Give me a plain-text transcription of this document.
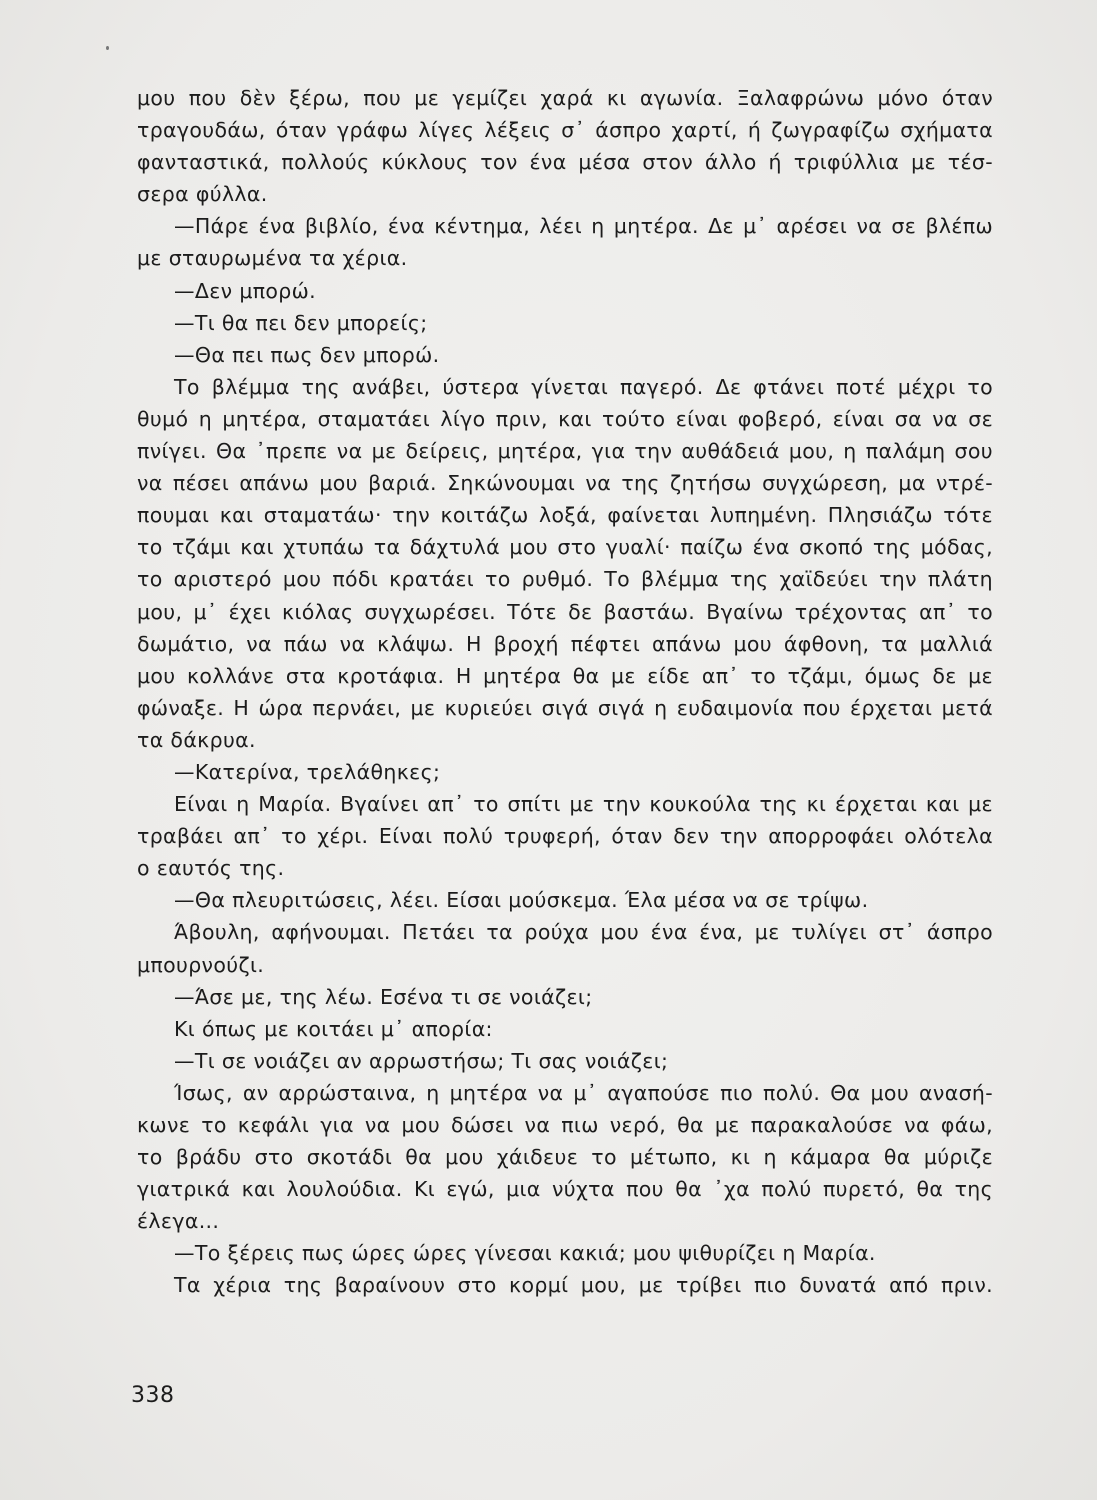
μου που δὲν ξέρω, που με γεμίζει χαρά κι αγωνία. Ξαλαφρώνω μόνο όταν
τραγουδάω, όταν γράφω λίγες λέξεις σ᾽ άσπρο χαρτί, ή ζωγραφίζω σχήματα
φανταστικά, πολλούς κύκλους τον ένα μέσα στον άλλο ή τριφύλλια με τέσ-
σερα φύλλα.
—Πάρε ένα βιβλίο, ένα κέντημα, λέει η μητέρα. Δε μ᾽ αρέσει να σε βλέπω
με σταυρωμένα τα χέρια.
—Δεν μπορώ.
—Τι θα πει δεν μπορείς;
—Θα πει πως δεν μπορώ.
Το βλέμμα της ανάβει, ύστερα γίνεται παγερό. Δε φτάνει ποτέ μέχρι το
θυμό η μητέρα, σταματάει λίγο πριν, και τούτο είναι φοβερό, είναι σα να σε
πνίγει. Θα ᾽πρεπε να με δείρεις, μητέρα, για την αυθάδειά μου, η παλάμη σου
να πέσει απάνω μου βαριά. Σηκώνουμαι να της ζητήσω συγχώρεση, μα ντρέ-
πουμαι και σταματάω· την κοιτάζω λοξά, φαίνεται λυπημένη. Πλησιάζω τότε
το τζάμι και χτυπάω τα δάχτυλά μου στο γυαλί· παίζω ένα σκοπό της μόδας,
το αριστερό μου πόδι κρατάει το ρυθμό. Το βλέμμα της χαϊδεύει την πλάτη
μου, μ᾽ έχει κιόλας συγχωρέσει. Τότε δε βαστάω. Βγαίνω τρέχοντας απ᾽ το
δωμάτιο, να πάω να κλάψω. Η βροχή πέφτει απάνω μου άφθονη, τα μαλλιά
μου κολλάνε στα κροτάφια. Η μητέρα θα με είδε απ᾽ το τζάμι, όμως δε με
φώναξε. Η ώρα περνάει, με κυριεύει σιγά σιγά η ευδαιμονία που έρχεται μετά
τα δάκρυα.
—Κατερίνα, τρελάθηκες;
Είναι η Μαρία. Βγαίνει απ᾽ το σπίτι με την κουκούλα της κι έρχεται και με
τραβάει απ᾽ το χέρι. Είναι πολύ τρυφερή, όταν δεν την απορροφάει ολότελα
ο εαυτός της.
—Θα πλευριτώσεις, λέει. Είσαι μούσκεμα. Έλα μέσα να σε τρίψω.
Άβουλη, αφήνουμαι. Πετάει τα ρούχα μου ένα ένα, με τυλίγει στ᾽ άσπρο
μπουρνούζι.
—Άσε με, της λέω. Εσένα τι σε νοιάζει;
Κι όπως με κοιτάει μ᾽ απορία:
—Τι σε νοιάζει αν αρρωστήσω; Τι σας νοιάζει;
Ίσως, αν αρρώσταινα, η μητέρα να μ᾽ αγαπούσε πιο πολύ. Θα μου ανασή-
κωνε το κεφάλι για να μου δώσει να πιω νερό, θα με παρακαλούσε να φάω,
το βράδυ στο σκοτάδι θα μου χάιδευε το μέτωπο, κι η κάμαρα θα μύριζε
γιατρικά και λουλούδια. Κι εγώ, μια νύχτα που θα ᾽χα πολύ πυρετό, θα της
έλεγα...
—Το ξέρεις πως ώρες ώρες γίνεσαι κακιά; μου ψιθυρίζει η Μαρία.
Τα χέρια της βαραίνουν στο κορμί μου, με τρίβει πιο δυνατά από πριν.
338
